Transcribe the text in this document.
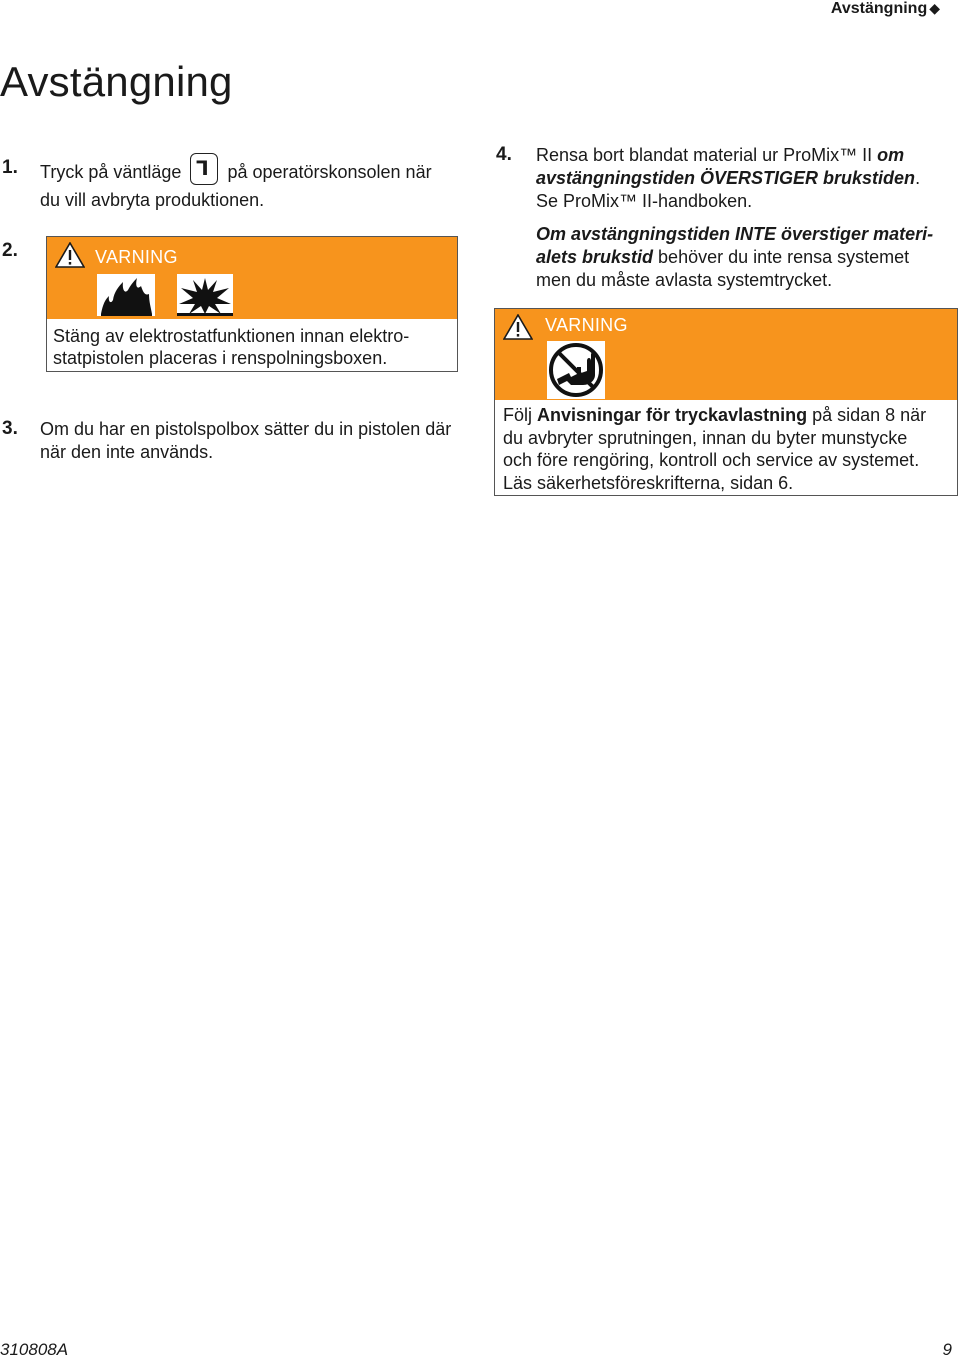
Avstängning ◆
Avstängning
1. Tryck på väntläge ⅂ på operatörskonsolen när
du vill avbryta produktionen.
2.	VARNING
Stäng av elektrostatfunktionen innan elektro-
statpistolen placeras i renspolningsboxen.
3. Om du har en pistolspolbox sätter du in pistolen där
när den inte används.
4. Rensa bort blandat material ur ProMix™ II om
avstängningstiden ÖVERSTIGER brukstiden.
Se ProMix™ II-handboken.
Om avstängningstiden INTE överstiger materi-
alets brukstid behöver du inte rensa systemet
men du måste avlasta systemtrycket.
VARNING
Följ Anvisningar för tryckavlastning på sidan 8 när
du avbryter sprutningen, innan du byter munstycke
och före rengöring, kontroll och service av systemet.
Läs säkerhetsföreskrifterna, sidan 6.
310808A	9
